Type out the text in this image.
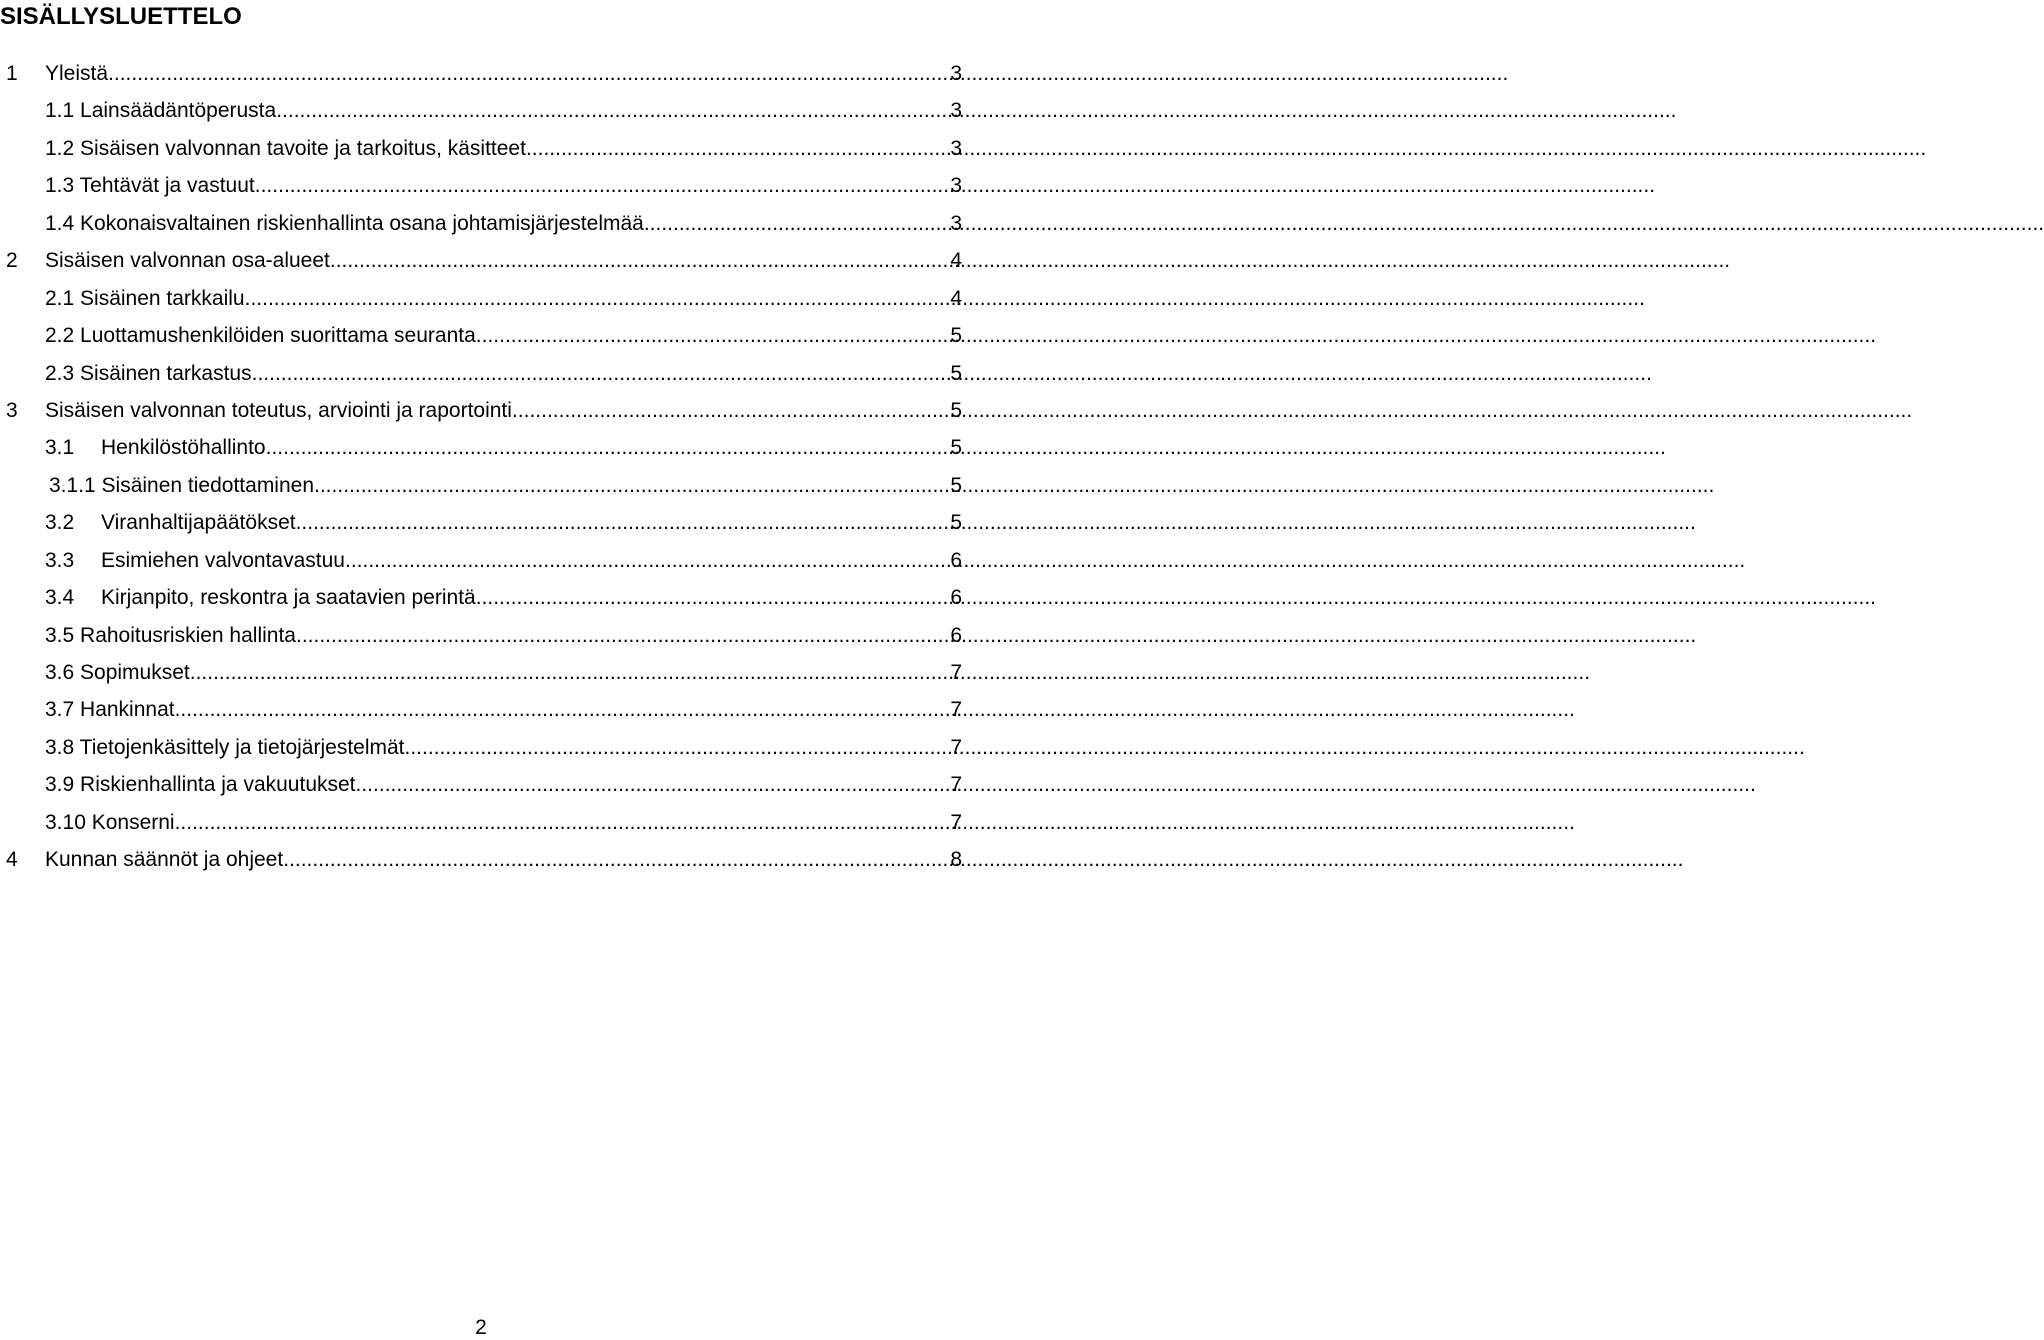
SISÄLLYSLUETTELO
1 Yleistä .....	3
1.1 Lainsäädäntöperusta .....	3
1.2 Sisäisen valvonnan tavoite ja tarkoitus, käsitteet .....	3
1.3 Tehtävät ja vastuut .....	3
1.4 Kokonaisvaltainen riskienhallinta osana johtamisjärjestelmää .....	3
2 Sisäisen valvonnan osa-alueet .....	4
2.1 Sisäinen tarkkailu .....	4
2.2 Luottamushenkilöiden suorittama seuranta .....	5
2.3 Sisäinen tarkastus .....	5
3 Sisäisen valvonnan toteutus, arviointi ja raportointi .....	5
3.1 Henkilöstöhallinto .....	5
3.1.1 Sisäinen tiedottaminen .....	5
3.2 Viranhaltijapäätökset .....	5
3.3 Esimiehen valvontavastuu .....	6
3.4 Kirjanpito, reskontra ja saatavien perintä .....	6
3.5 Rahoitusriskien hallinta .....	6
3.6 Sopimukset .....	7
3.7 Hankinnat .....	7
3.8 Tietojenkäsittely ja tietojärjestelmät .....	7
3.9 Riskienhallinta ja vakuutukset .....	7
3.10 Konserni .....	7
4 Kunnan säännöt ja ohjeet .....	8
2
